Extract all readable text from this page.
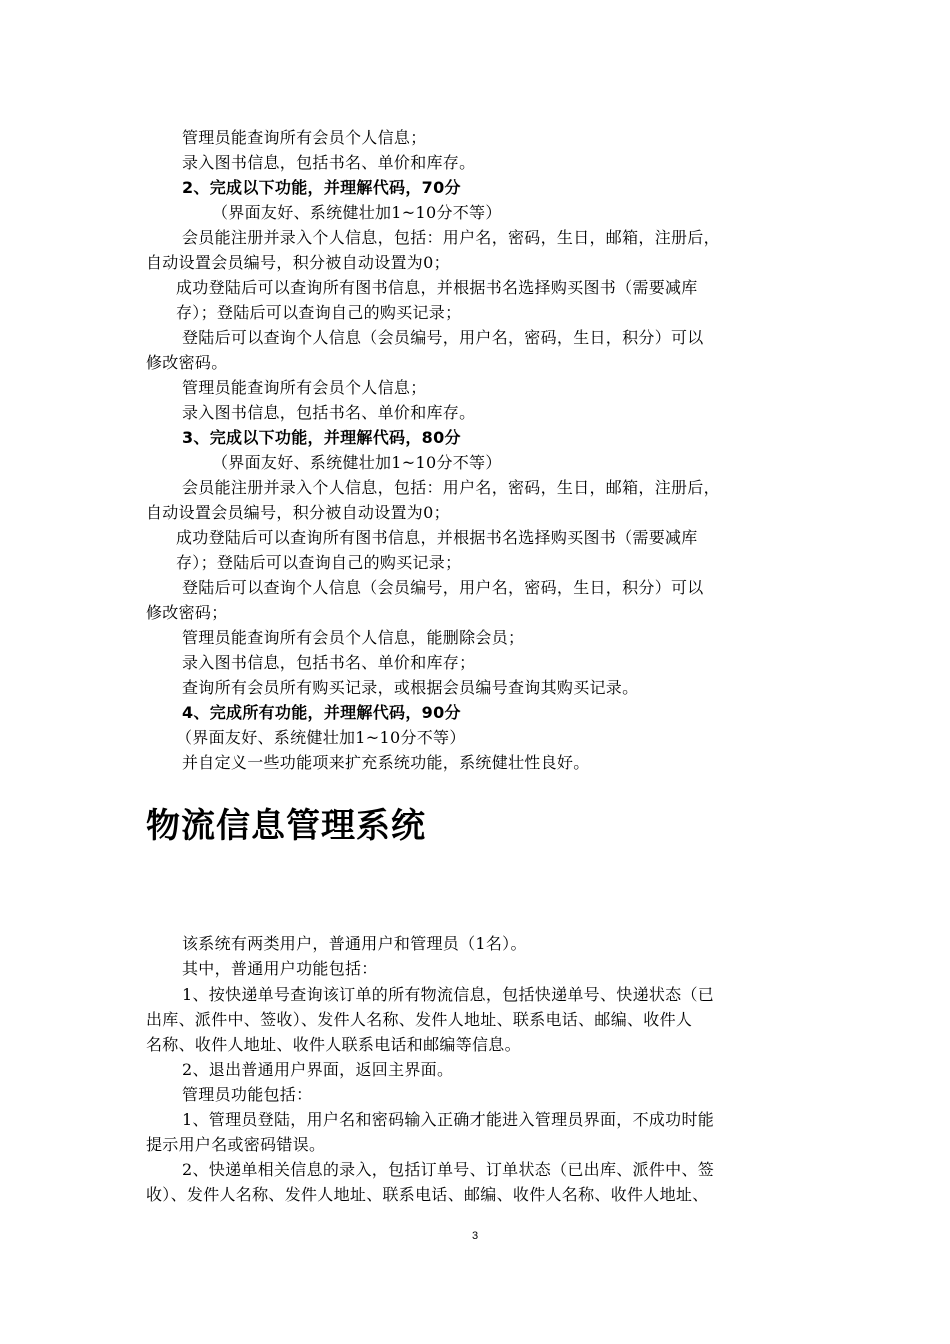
管理员能查询所有会员个人信息；
录入图书信息，包括书名、单价和库存。
2、完成以下功能，并理解代码，70分
（界面友好、系统健壮加1~10分不等）
会员能注册并录入个人信息，包括：用户名，密码，生日，邮箱，注册后，
自动设置会员编号，积分被自动设置为0；
成功登陆后可以查询所有图书信息，并根据书名选择购买图书（需要减库
存）；登陆后可以查询自己的购买记录；
登陆后可以查询个人信息（会员编号，用户名，密码，生日，积分）可以
修改密码。
管理员能查询所有会员个人信息；
录入图书信息，包括书名、单价和库存。
3、完成以下功能，并理解代码，80分
（界面友好、系统健壮加1~10分不等）
会员能注册并录入个人信息，包括：用户名，密码，生日，邮箱，注册后，
自动设置会员编号，积分被自动设置为0；
成功登陆后可以查询所有图书信息，并根据书名选择购买图书（需要减库
存）；登陆后可以查询自己的购买记录；
登陆后可以查询个人信息（会员编号，用户名，密码，生日，积分）可以
修改密码；
管理员能查询所有会员个人信息，能删除会员；
录入图书信息，包括书名、单价和库存；
查询所有会员所有购买记录，或根据会员编号查询其购买记录。
4、完成所有功能，并理解代码，90分
（界面友好、系统健壮加1~10分不等）
并自定义一些功能项来扩充系统功能，系统健壮性良好。
物流信息管理系统
该系统有两类用户，普通用户和管理员（1名）。
其中，普通用户功能包括：
1、按快递单号查询该订单的所有物流信息，包括快递单号、快递状态（已
出库、派件中、签收）、发件人名称、发件人地址、联系电话、邮编、收件人
名称、收件人地址、收件人联系电话和邮编等信息。
2、退出普通用户界面，返回主界面。
管理员功能包括：
1、管理员登陆，用户名和密码输入正确才能进入管理员界面，不成功时能
提示用户名或密码错误。
2、快递单相关信息的录入，包括订单号、订单状态（已出库、派件中、签
收）、发件人名称、发件人地址、联系电话、邮编、收件人名称、收件人地址、
3
